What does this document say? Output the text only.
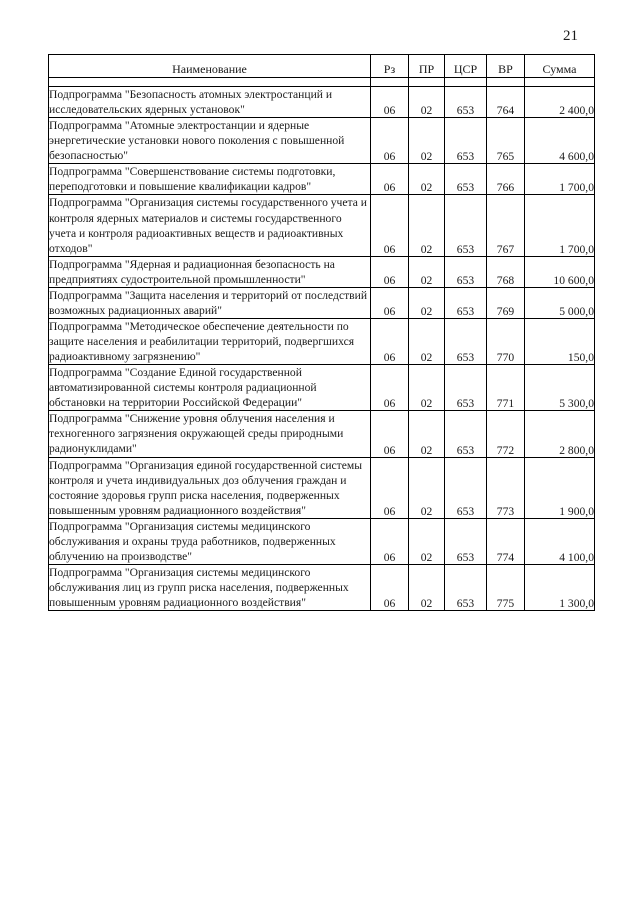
21
Наименование	Рз	ПР	ЦСР	ВР	Сумма

Подпрограмма "Безопасность атомных электростанций и исследовательских ядерных установок"	06	02	653	764	2 400,0
Подпрограмма "Атомные электростанции и ядерные энергетические установки нового поколения с повышенной безопасностью"	06	02	653	765	4 600,0
Подпрограмма "Совершенствование системы подготовки, переподготовки и повышение квалификации кадров"	06	02	653	766	1 700,0
Подпрограмма "Организация системы государственного учета и контроля ядерных материалов и системы государственного учета и контроля радиоактивных веществ и радиоактивных отходов"	06	02	653	767	1 700,0
Подпрограмма "Ядерная и радиационная безопасность на предприятиях судостроительной промышленности"	06	02	653	768	10 600,0
Подпрограмма "Защита населения и территорий от последствий возможных радиационных аварий"	06	02	653	769	5 000,0
Подпрограмма "Методическое обеспечение деятельности по защите населения и реабилитации территорий, подвергшихся радиоактивному загрязнению"	06	02	653	770	150,0
Подпрограмма "Создание Единой государственной автоматизированной системы контроля радиационной обстановки на территории Российской Федерации"	06	02	653	771	5 300,0
Подпрограмма "Снижение уровня облучения населения и техногенного загрязнения окружающей среды природными радионуклидами"	06	02	653	772	2 800,0
Подпрограмма "Организация единой государственной системы контроля и учета индивидуальных доз облучения граждан и состояние здоровья групп риска населения, подверженных повышенным уровням радиационного воздействия"	06	02	653	773	1 900,0
Подпрограмма "Организация системы медицинского обслуживания и охраны труда работников, подверженных облучению на производстве"	06	02	653	774	4 100,0
Подпрограмма "Организация системы медицинского обслуживания лиц из групп риска населения, подверженных повышенным уровням радиационного воздействия"	06	02	653	775	1 300,0
